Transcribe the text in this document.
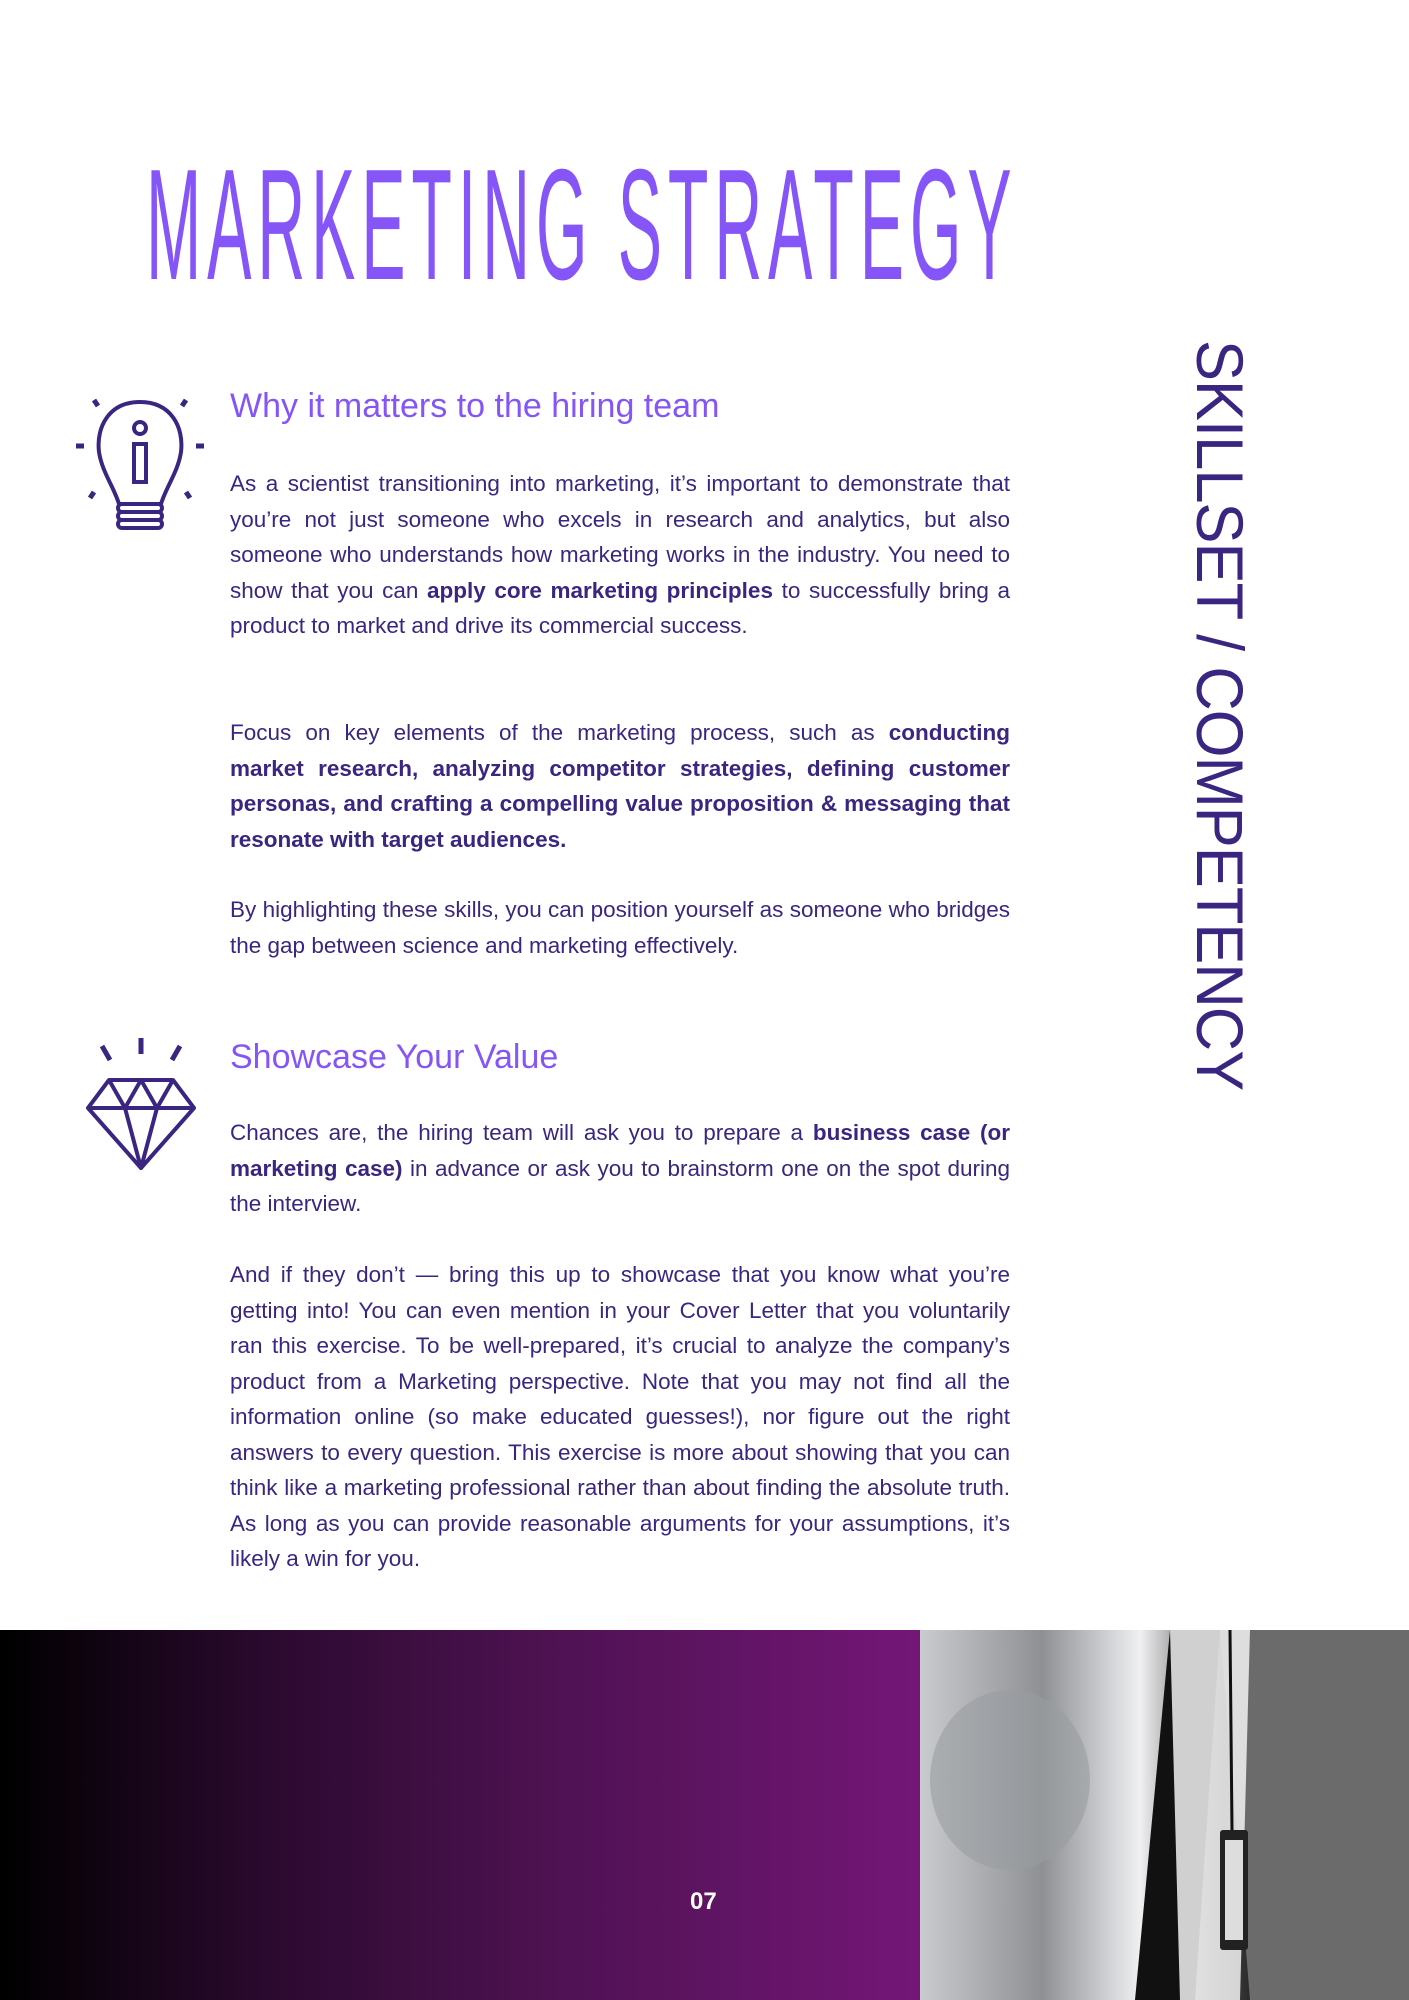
MARKETING STRATEGY
SKILLSET / COMPETENCY
Why it matters to the hiring team

As a scientist transitioning into marketing, it’s important to demonstrate that you’re not just someone who excels in research and analytics, but also someone who understands how marketing works in the industry. You need to show that you can apply core marketing principles to successfully bring a product to market and drive its commercial success.

Focus on key elements of the marketing process, such as conducting market research, analyzing competitor strategies, defining customer personas, and crafting a compelling value proposition & messaging that resonate with target audiences.

By highlighting these skills, you can position yourself as someone who bridges the gap between science and marketing effectively.

Showcase Your Value

Chances are, the hiring team will ask you to prepare a business case (or marketing case) in advance or ask you to brainstorm one on the spot during the interview.

And if they don’t — bring this up to showcase that you know what you’re getting into! You can even mention in your Cover Letter that you voluntarily ran this exercise. To be well-prepared, it’s crucial to analyze the company’s product from a Marketing perspective. Note that you may not find all the information online (so make educated guesses!), nor figure out the right answers to every question. This exercise is more about showing that you can think like a marketing professional rather than about finding the absolute truth. As long as you can provide reasonable arguments for your assumptions, it’s likely a win for you.

07
